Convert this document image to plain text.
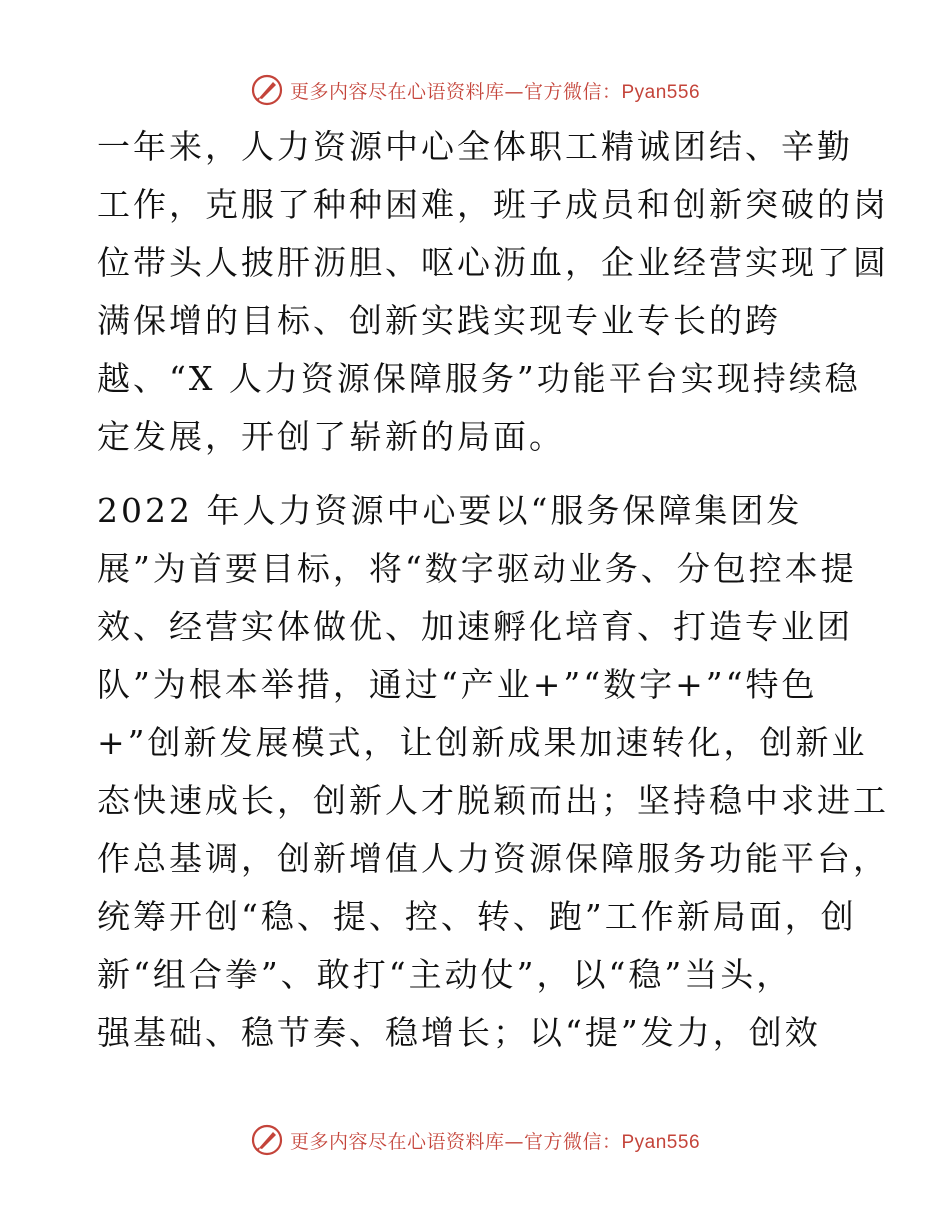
更多内容尽在心语资料库—官方微信：Pyan556
一年来，人力资源中心全体职工精诚团结、辛勤
工作，克服了种种困难，班子成员和创新突破的岗
位带头人披肝沥胆、呕心沥血，企业经营实现了圆
满保增的目标、创新实践实现专业专长的跨
越、“X 人力资源保障服务”功能平台实现持续稳
定发展，开创了崭新的局面。
2022 年人力资源中心要以“服务保障集团发
展”为首要目标，将“数字驱动业务、分包控本提
效、经营实体做优、加速孵化培育、打造专业团
队”为根本举措，通过“产业+”“数字+”“特色
+”创新发展模式，让创新成果加速转化，创新业
态快速成长，创新人才脱颖而出；坚持稳中求进工
作总基调，创新增值人力资源保障服务功能平台，
统筹开创“稳、提、控、转、跑”工作新局面，创
新“组合拳”、敢打“主动仗”，以“稳”当头，
强基础、稳节奏、稳增长；以“提”发力，创效
更多内容尽在心语资料库—官方微信：Pyan556
